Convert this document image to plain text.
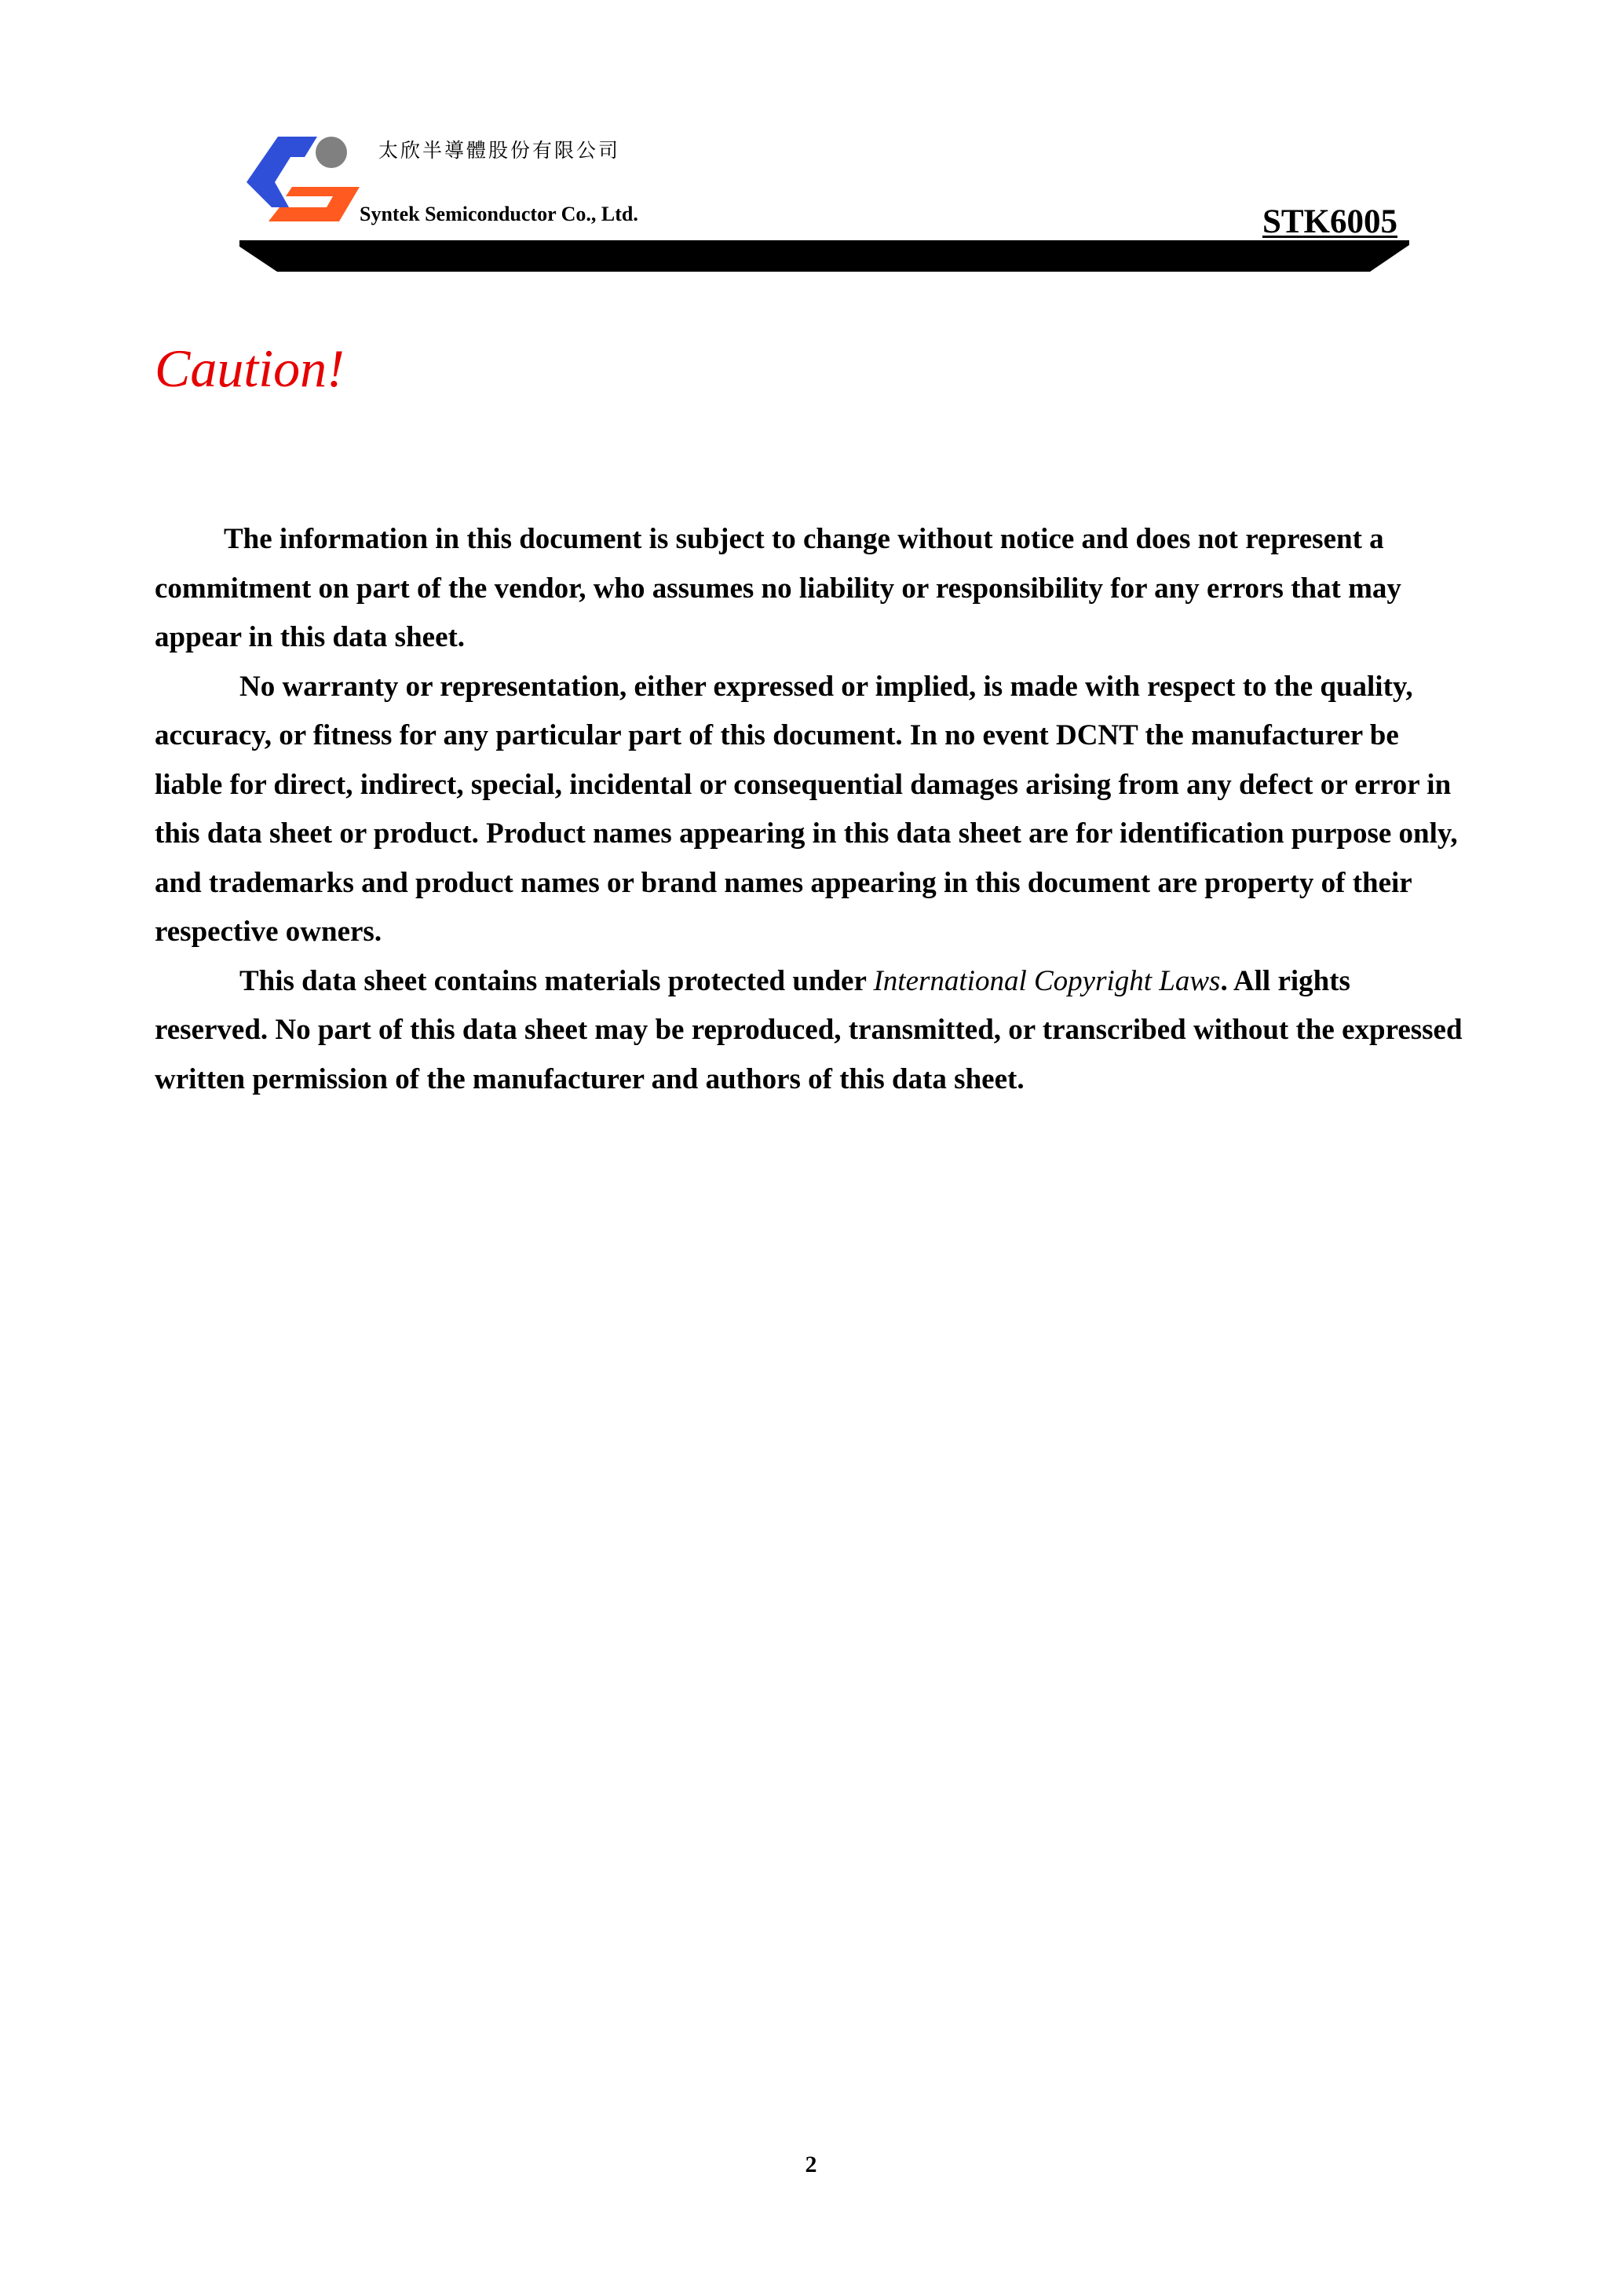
太欣半導體股份有限公司
Syntek Semiconductor Co., Ltd.	STK6005
Caution!

The information in this document is subject to change without notice and does not represent a commitment on part of the vendor, who assumes no liability or responsibility for any errors that may appear in this data sheet.

No warranty or representation, either expressed or implied, is made with respect to the quality, accuracy, or fitness for any particular part of this document. In no event DCNT the manufacturer be liable for direct, indirect, special, incidental or consequential damages arising from any defect or error in this data sheet or product. Product names appearing in this data sheet are for identification purpose only, and trademarks and product names or brand names appearing in this document are property of their respective owners.

This data sheet contains materials protected under International Copyright Laws. All rights reserved. No part of this data sheet may be reproduced, transmitted, or transcribed without the expressed written permission of the manufacturer and authors of this data sheet.

2
